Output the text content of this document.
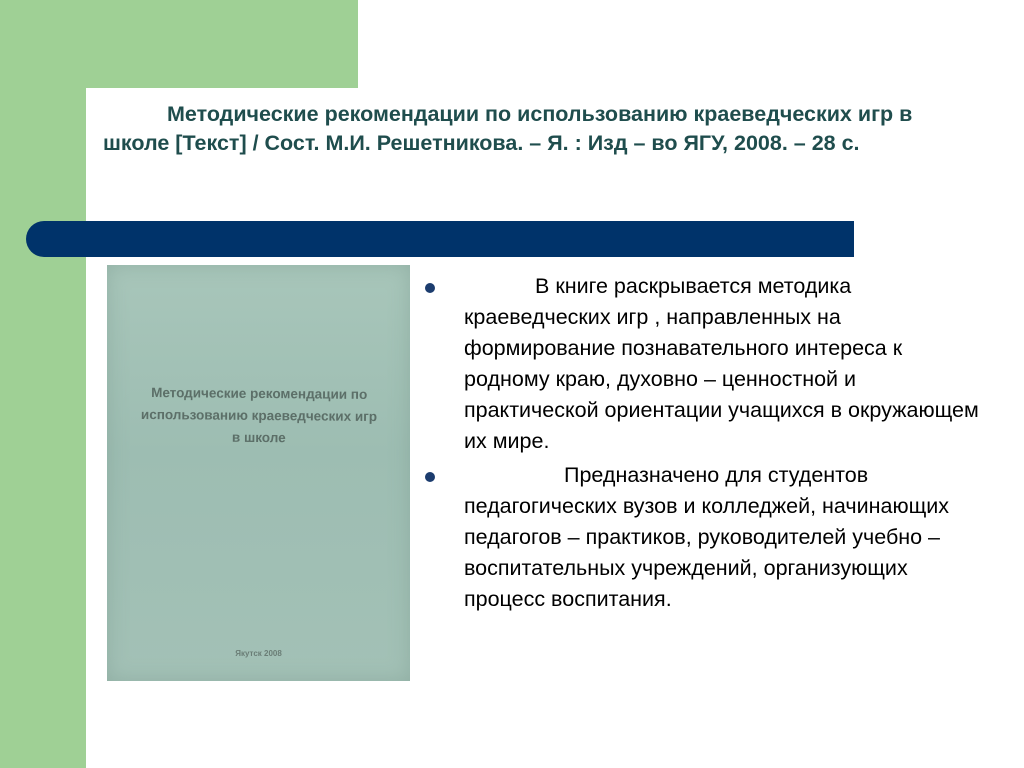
Методические рекомендации по использованию краеведческих игр в школе [Текст] / Сост. М.И. Решетникова. – Я. : Изд – во ЯГУ, 2008. – 28 с.

Методические рекомендации по использованию краеведческих игр в школе

Якутск 2008
В книге раскрывается методика краеведческих игр , направленных на формирование познавательного интереса к родному краю, духовно – ценностной и практической ориентации учащихся в окружающем их мире.
Предназначено для студентов педагогических вузов и колледжей, начинающих педагогов – практиков, руководителей учебно – воспитательных учреждений, организующих процесс воспитания.
